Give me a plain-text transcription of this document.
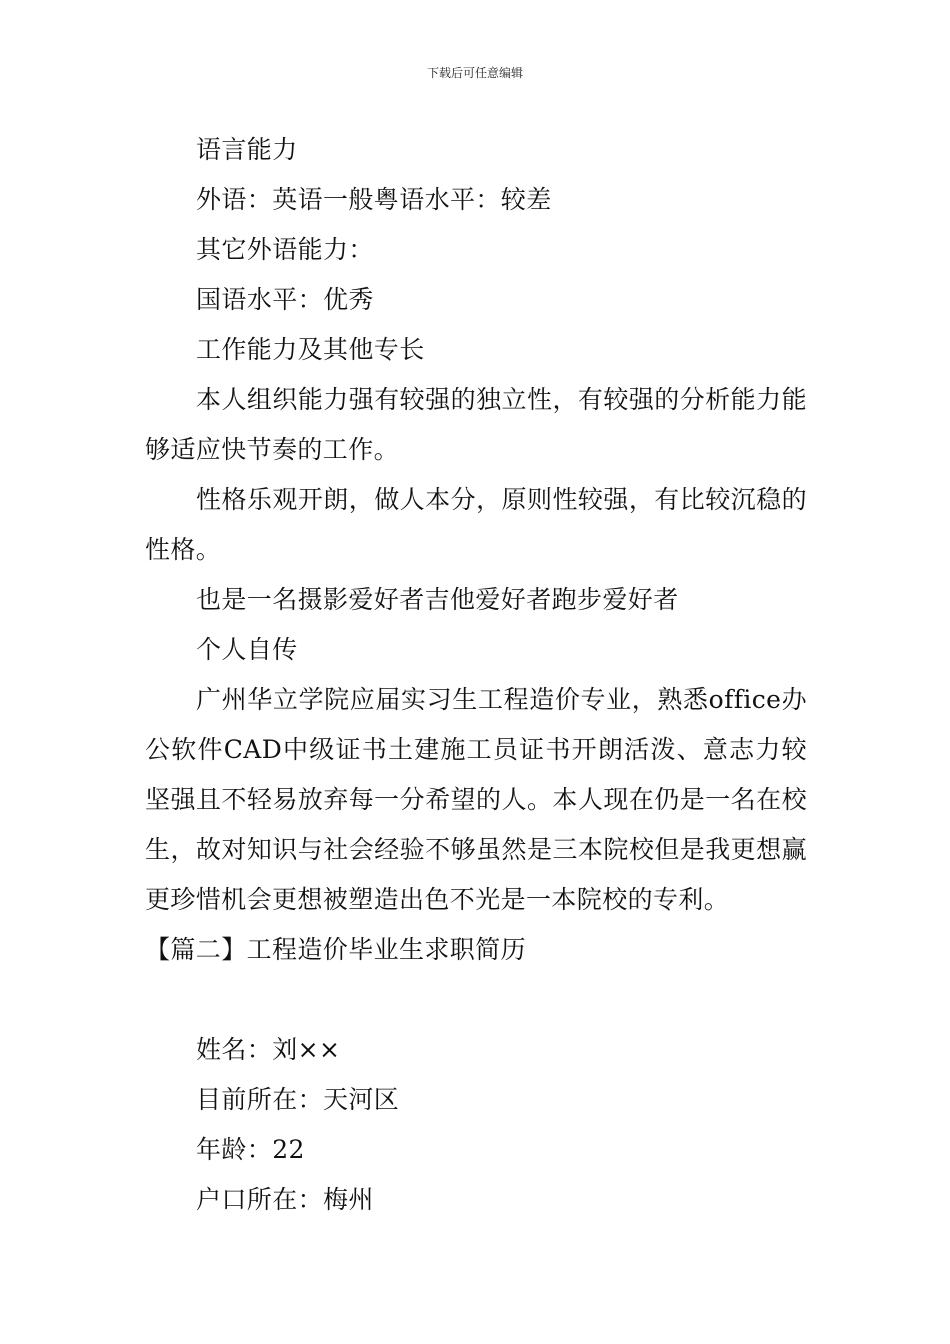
下载后可任意编辑

语言能力

外语：英语一般粤语水平：较差

其它外语能力：

国语水平：优秀

工作能力及其他专长

本人组织能力强有较强的独立性，有较强的分析能力能够适应快节奏的工作。

性格乐观开朗，做人本分，原则性较强，有比较沉稳的性格。

也是一名摄影爱好者吉他爱好者跑步爱好者

个人自传

广州华立学院应届实习生工程造价专业，熟悉office办公软件CAD中级证书土建施工员证书开朗活泼、意志力较坚强且不轻易放弃每一分希望的人。本人现在仍是一名在校生，故对知识与社会经验不够虽然是三本院校但是我更想赢更珍惜机会更想被塑造出色不光是一本院校的专利。

【篇二】工程造价毕业生求职简历

姓名：刘××

目前所在：天河区

年龄：22

户口所在：梅州
